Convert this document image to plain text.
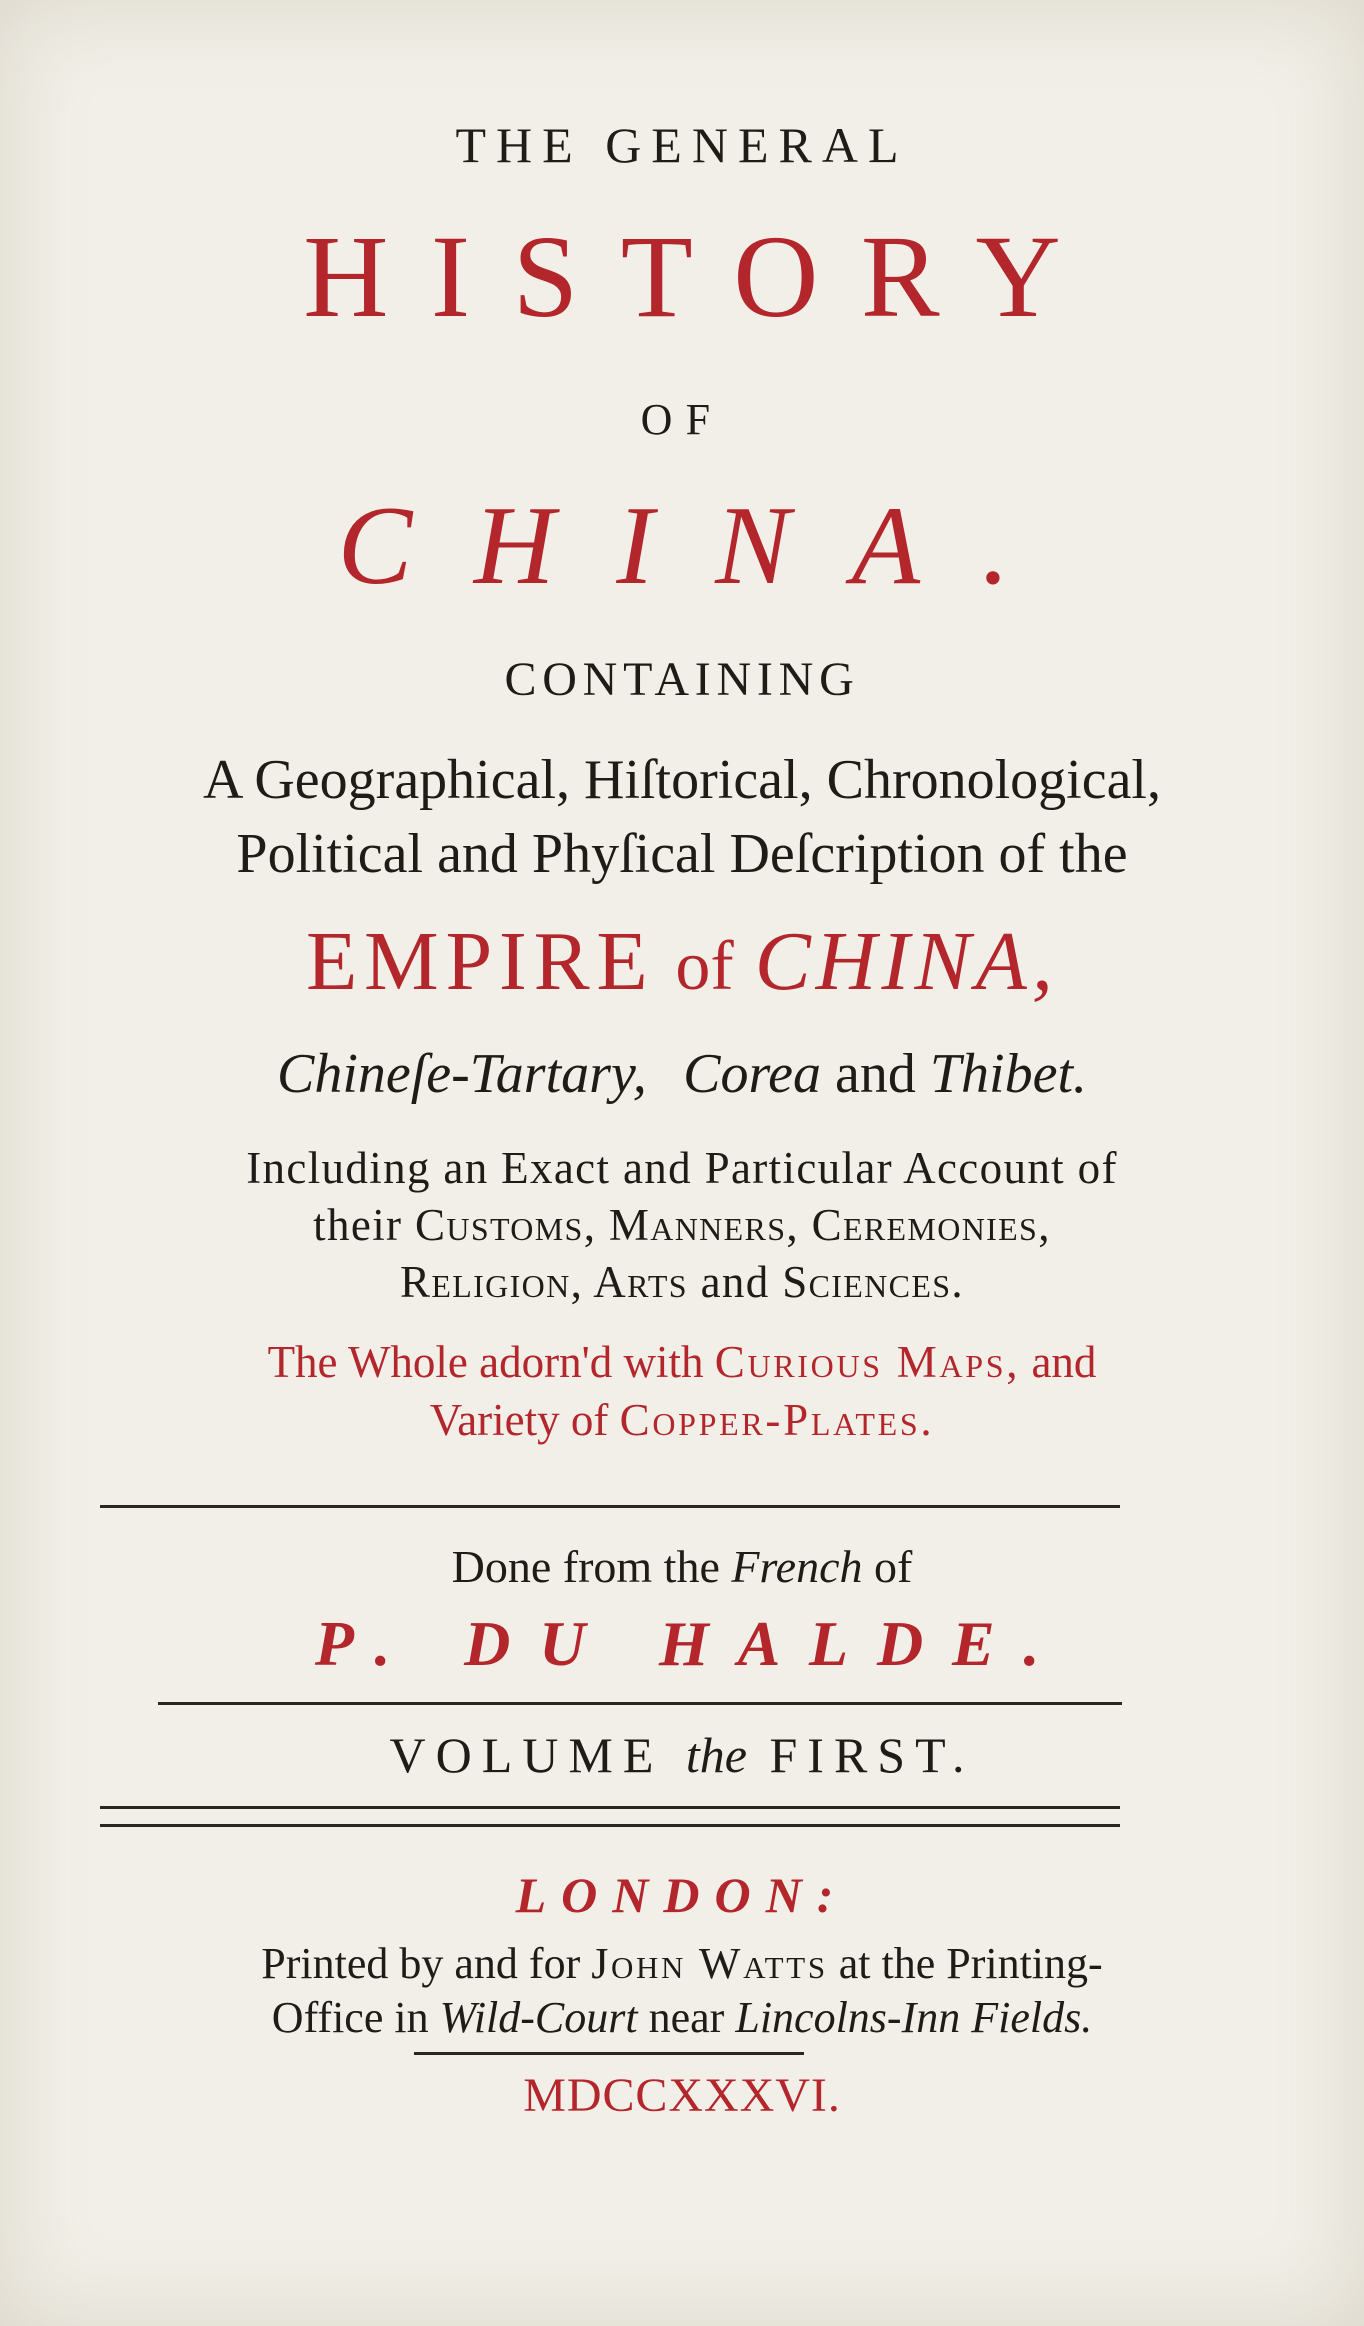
THE GENERAL
HISTORY
OF
CHINA.
CONTAINING
A Geographical, Hiſtorical, Chronological,
Political and Phyſical Deſcription of the
EMPIRE of CHINA,
Chineſe-Tartary, Corea and Thibet.
Including an Exact and Particular Account of
their Customs, Manners, Ceremonies,
Religion, Arts and Sciences.
The Whole adorn'd with Curious Maps, and
Variety of Copper-Plates.
Done from the French of
P. DU HALDE.
VOLUME the FIRST.
LONDON:
Printed by and for John Watts at the Printing-
Office in Wild-Court near Lincolns-Inn Fields.
MDCCXXXVI.
